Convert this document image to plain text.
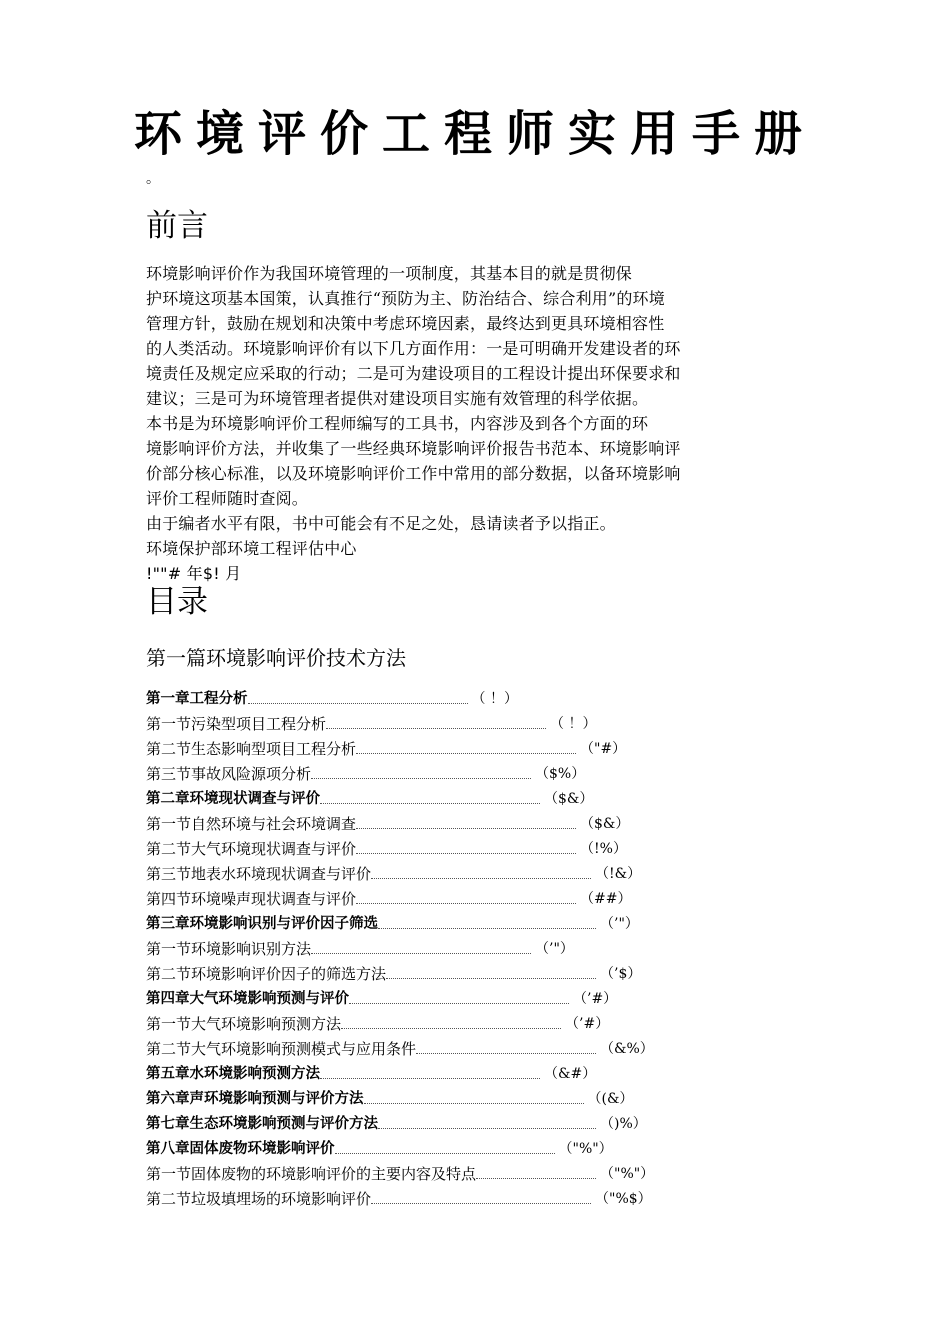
环境评价工程师实用手册
。
前言

环境影响评价作为我国环境管理的一项制度，其基本目的就是贯彻保
护环境这项基本国策，认真推行“预防为主、防治结合、综合利用”的环境
管理方针，鼓励在规划和决策中考虑环境因素，最终达到更具环境相容性
的人类活动。环境影响评价有以下几方面作用：一是可明确开发建设者的环
境责任及规定应采取的行动；二是可为建设项目的工程设计提出环保要求和
建议；三是可为环境管理者提供对建设项目实施有效管理的科学依据。

本书是为环境影响评价工程师编写的工具书，内容涉及到各个方面的环
境影响评价方法，并收集了一些经典环境影响评价报告书范本、环境影响评
价部分核心标准，以及环境影响评价工作中常用的部分数据，以备环境影响
评价工程师随时查阅。

由于编者水平有限，书中可能会有不足之处，恳请读者予以指正。

环境保护部环境工程评估中心
!""# 年$! 月
目录
第一篇环境影响评价技术方法
第一章工程分析	（ ！）
第一节污染型项目工程分析	（ ！）
第二节生态影响型项目工程分析	（"#）
第三节事故风险源项分析	（$%）
第二章环境现状调查与评价	（$&）
第一节自然环境与社会环境调查	（$&）
第二节大气环境现状调查与评价	（!%）
第三节地表水环境现状调查与评价	（!&）
第四节环境噪声现状调查与评价	（##）
第三章环境影响识别与评价因子筛选	（’"）
第一节环境影响识别方法	（’"）
第二节环境影响评价因子的筛选方法	（’$）
第四章大气环境影响预测与评价	（’#）
第一节大气环境影响预测方法	（’#）
第二节大气环境影响预测模式与应用条件	（&%）
第五章水环境影响预测方法	（&#）
第六章声环境影响预测与评价方法	（(&）
第七章生态环境影响预测与评价方法	（)%）
第八章固体废物环境影响评价	（"%"）
第一节固体废物的环境影响评价的主要内容及特点	（"%"）
第二节垃圾填埋场的环境影响评价	（"%$）
